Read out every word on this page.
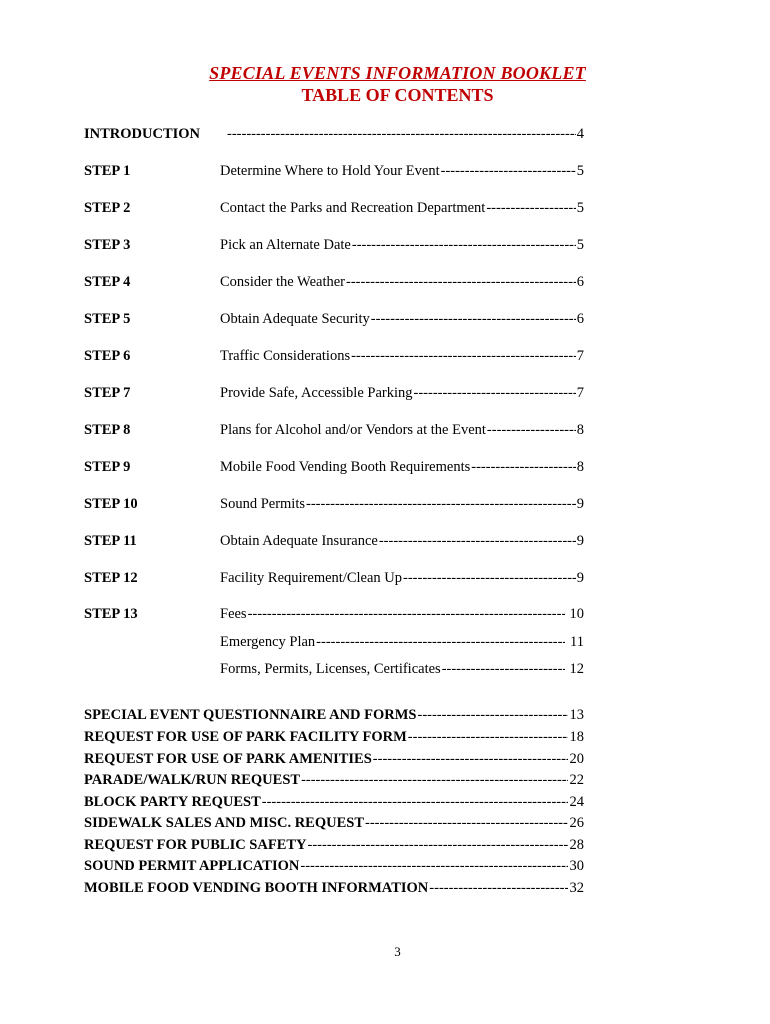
SPECIAL EVENTS INFORMATION BOOKLET
TABLE OF CONTENTS
INTRODUCTION -----	4
STEP 1	Determine Where to Hold Your Event -----	5
STEP 2	Contact the Parks and Recreation Department -----	5
STEP 3	Pick an Alternate Date -----	5
STEP 4	Consider the Weather -----	6
STEP 5	Obtain Adequate Security -----	6
STEP 6	Traffic Considerations -----	7
STEP 7	Provide Safe, Accessible Parking -----	7
STEP 8	Plans for Alcohol and/or Vendors at the Event -----	8
STEP 9	Mobile Food Vending Booth Requirements -----	8
STEP 10	Sound Permits -----	9
STEP 11	Obtain Adequate Insurance -----	9
STEP 12	Facility Requirement/Clean Up -----	9
STEP 13	Fees -----	10
Emergency Plan -----	11
Forms, Permits, Licenses, Certificates -----	12
SPECIAL EVENT QUESTIONNAIRE AND FORMS -----	13
REQUEST FOR USE OF PARK FACILITY FORM -----	18
REQUEST FOR USE OF PARK AMENITIES -----	20
PARADE/WALK/RUN REQUEST -----	22
BLOCK PARTY REQUEST -----	24
SIDEWALK SALES AND MISC. REQUEST -----	26
REQUEST FOR PUBLIC SAFETY -----	28
SOUND PERMIT APPLICATION -----	30
MOBILE FOOD VENDING BOOTH INFORMATION -----	32
3
